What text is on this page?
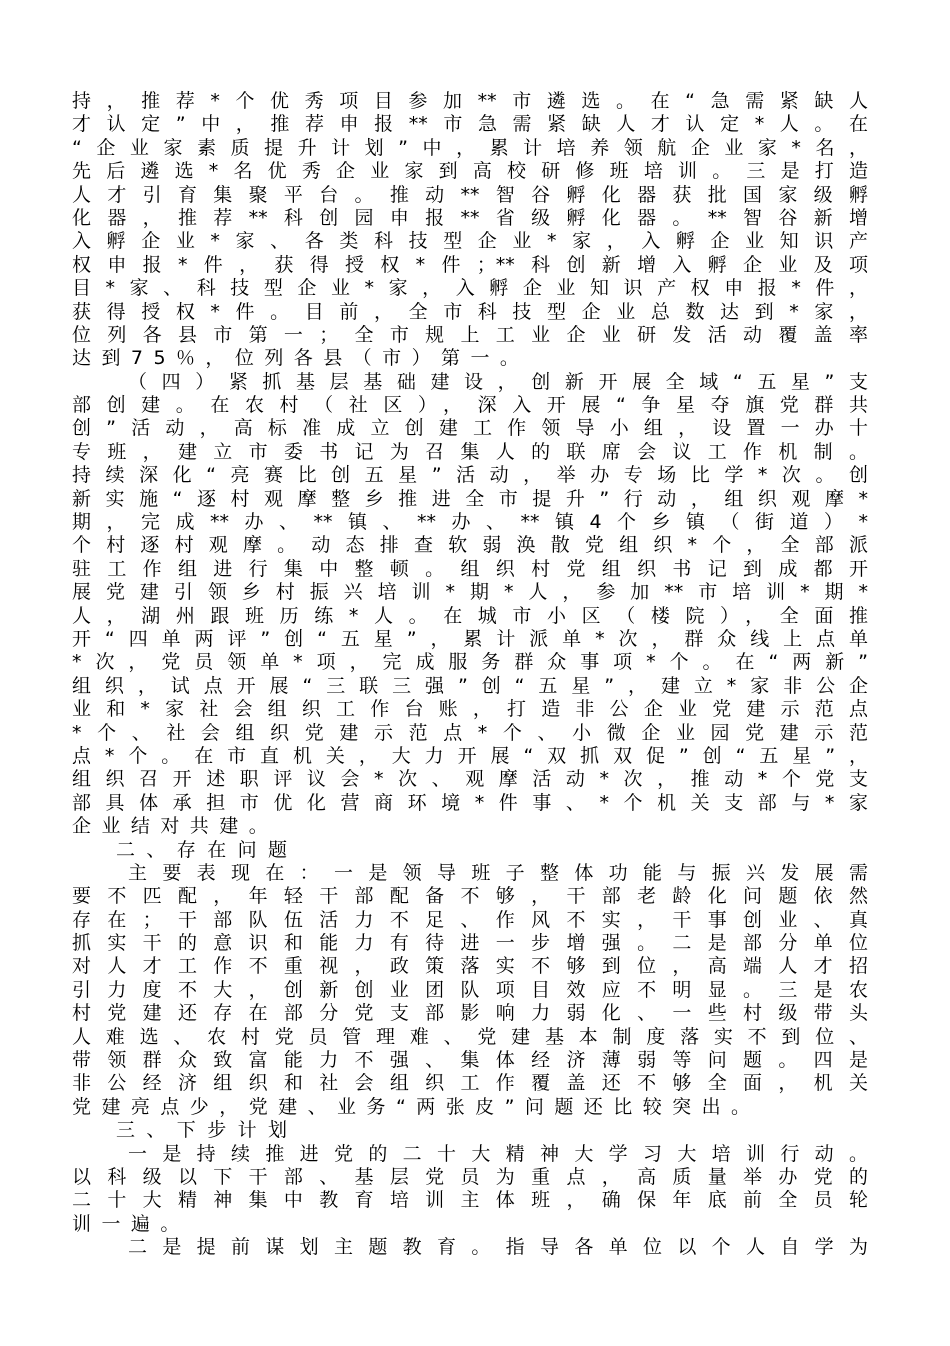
持，推荐*个优秀项目参加**市遴选。在“急需紧缺人
才认定”中，推荐申报**市急需紧缺人才认定*人。在
“企业家素质提升计划”中，累计培养领航企业家*名，
先后遴选*名优秀企业家到高校研修班培训。三是打造
人才引育集聚平台。推动**智谷孵化器获批国家级孵
化器，推荐**科创园申报**省级孵化器。**智谷新增
入孵企业*家、各类科技型企业*家，入孵企业知识产
权申报*件，获得授权*件；**科创新增入孵企业及项
目*家、科技型企业*家，入孵企业知识产权申报*件，
获得授权*件。目前，全市科技型企业总数达到*家，
位列各县市第一；全市规上工业企业研发活动覆盖率
达到75％，位列各县（市）第一。
（四）紧抓基层基础建设，创新开展全域“五星”支
部创建。在农村（社区），深入开展“争星夺旗党群共
创”活动，高标准成立创建工作领导小组，设置一办十
专班，建立市委书记为召集人的联席会议工作机制。
持续深化“亮赛比创五星”活动，举办专场比学*次。创
新实施“逐村观摩整乡推进全市提升”行动，组织观摩*
期，完成**办、**镇、**办、**镇4个乡镇（街道）*
个村逐村观摩。动态排查软弱涣散党组织*个，全部派
驻工作组进行集中整顿。组织村党组织书记到成都开
展党建引领乡村振兴培训*期*人，参加**市培训*期*
人，湖州跟班历练*人。在城市小区（楼院），全面推
开“四单两评”创“五星”，累计派单*次，群众线上点单
*次，党员领单*项，完成服务群众事项*个。在“两新”
组织，试点开展“三联三强”创“五星”，建立*家非公企
业和*家社会组织工作台账，打造非公企业党建示范点
*个、社会组织党建示范点*个、小微企业园党建示范
点*个。在市直机关，大力开展“双抓双促”创“五星”，
组织召开述职评议会*次、观摩活动*次，推动*个党支
部具体承担市优化营商环境*件事、*个机关支部与*家
企业结对共建。
二、存在问题
主要表现在：一是领导班子整体功能与振兴发展需
要不匹配，年轻干部配备不够，干部老龄化问题依然
存在；干部队伍活力不足、作风不实，干事创业、真
抓实干的意识和能力有待进一步增强。二是部分单位
对人才工作不重视，政策落实不够到位，高端人才招
引力度不大，创新创业团队项目效应不明显。三是农
村党建还存在部分党支部影响力弱化、一些村级带头
人难选、农村党员管理难、党建基本制度落实不到位、
带领群众致富能力不强、集体经济薄弱等问题。四是
非公经济组织和社会组织工作覆盖还不够全面，机关
党建亮点少，党建、业务“两张皮”问题还比较突出。
三、下步计划
一是持续推进党的二十大精神大学习大培训行动。
以科级以下干部、基层党员为重点，高质量举办党的
二十大精神集中教育培训主体班，确保年底前全员轮
训一遍。
二是提前谋划主题教育。指导各单位以个人自学为
